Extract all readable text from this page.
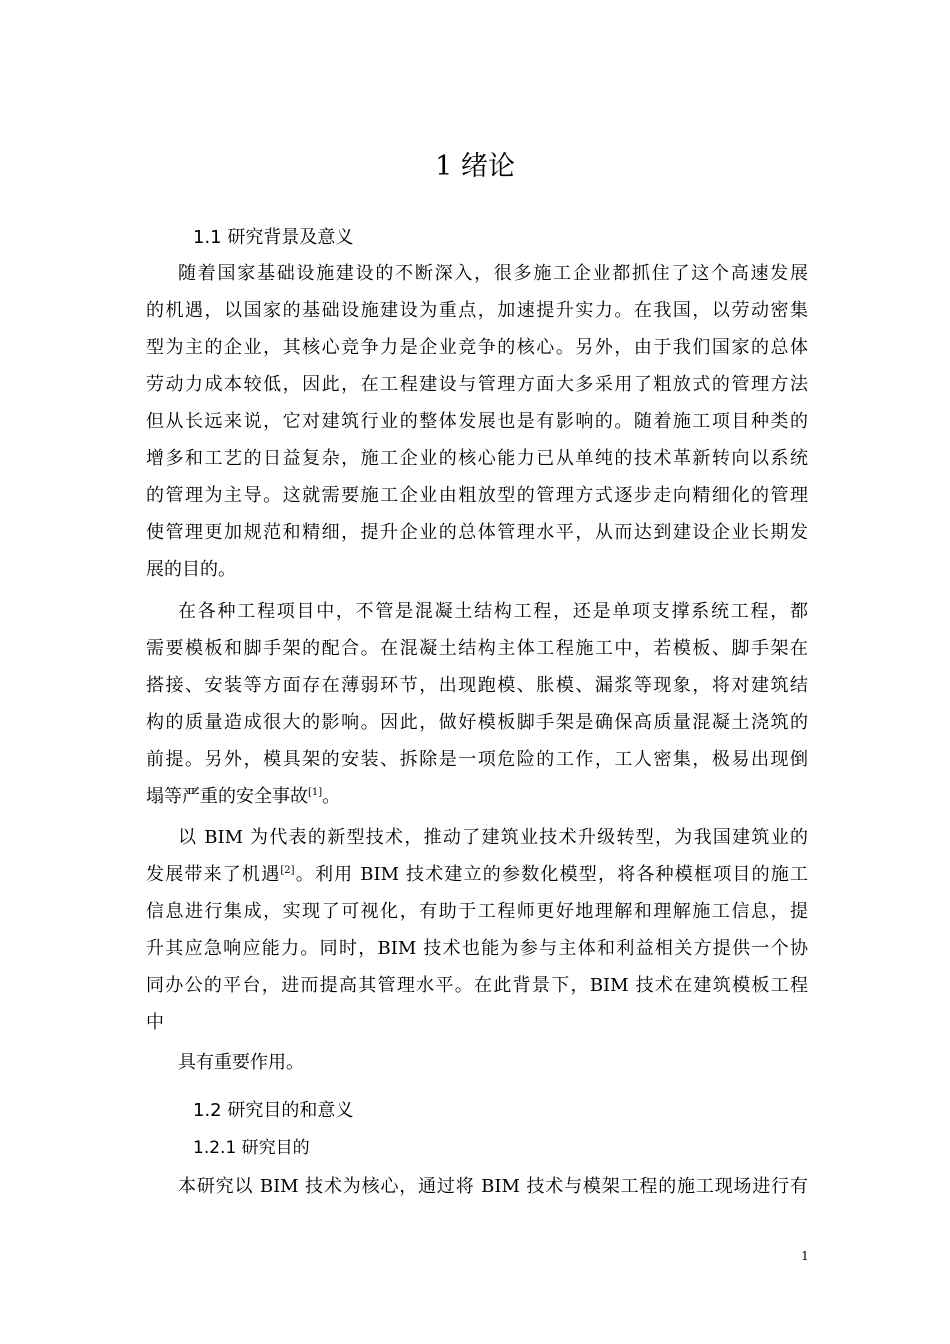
1 绪论
1.1 研究背景及意义
随着国家基础设施建设的不断深入，很多施工企业都抓住了这个高速发展
的机遇，以国家的基础设施建设为重点，加速提升实力。在我国，以劳动密集
型为主的企业，其核心竞争力是企业竞争的核心。另外，由于我们国家的总体
劳动力成本较低，因此，在工程建设与管理方面大多采用了粗放式的管理方法
但从长远来说，它对建筑行业的整体发展也是有影响的。随着施工项目种类的
增多和工艺的日益复杂，施工企业的核心能力已从单纯的技术革新转向以系统
的管理为主导。这就需要施工企业由粗放型的管理方式逐步走向精细化的管理
使管理更加规范和精细，提升企业的总体管理水平，从而达到建设企业长期发
展的目的。
在各种工程项目中，不管是混凝土结构工程，还是单项支撑系统工程，都
需要模板和脚手架的配合。在混凝土结构主体工程施工中，若模板、脚手架在
搭接、安装等方面存在薄弱环节，出现跑模、胀模、漏浆等现象，将对建筑结
构的质量造成很大的影响。因此，做好模板脚手架是确保高质量混凝土浇筑的
前提。另外，模具架的安装、拆除是一项危险的工作，工人密集，极易出现倒
塌等严重的安全事故[1]。
以 BIM 为代表的新型技术，推动了建筑业技术升级转型，为我国建筑业的
发展带来了机遇[2]。利用 BIM 技术建立的参数化模型，将各种模框项目的施工
信息进行集成，实现了可视化，有助于工程师更好地理解和理解施工信息，提
升其应急响应能力。同时，BIM 技术也能为参与主体和利益相关方提供一个协
同办公的平台，进而提高其管理水平。在此背景下，BIM 技术在建筑模板工程
中
具有重要作用。
1.2 研究目的和意义
1.2.1 研究目的
本研究以 BIM 技术为核心，通过将 BIM 技术与模架工程的施工现场进行有
1
